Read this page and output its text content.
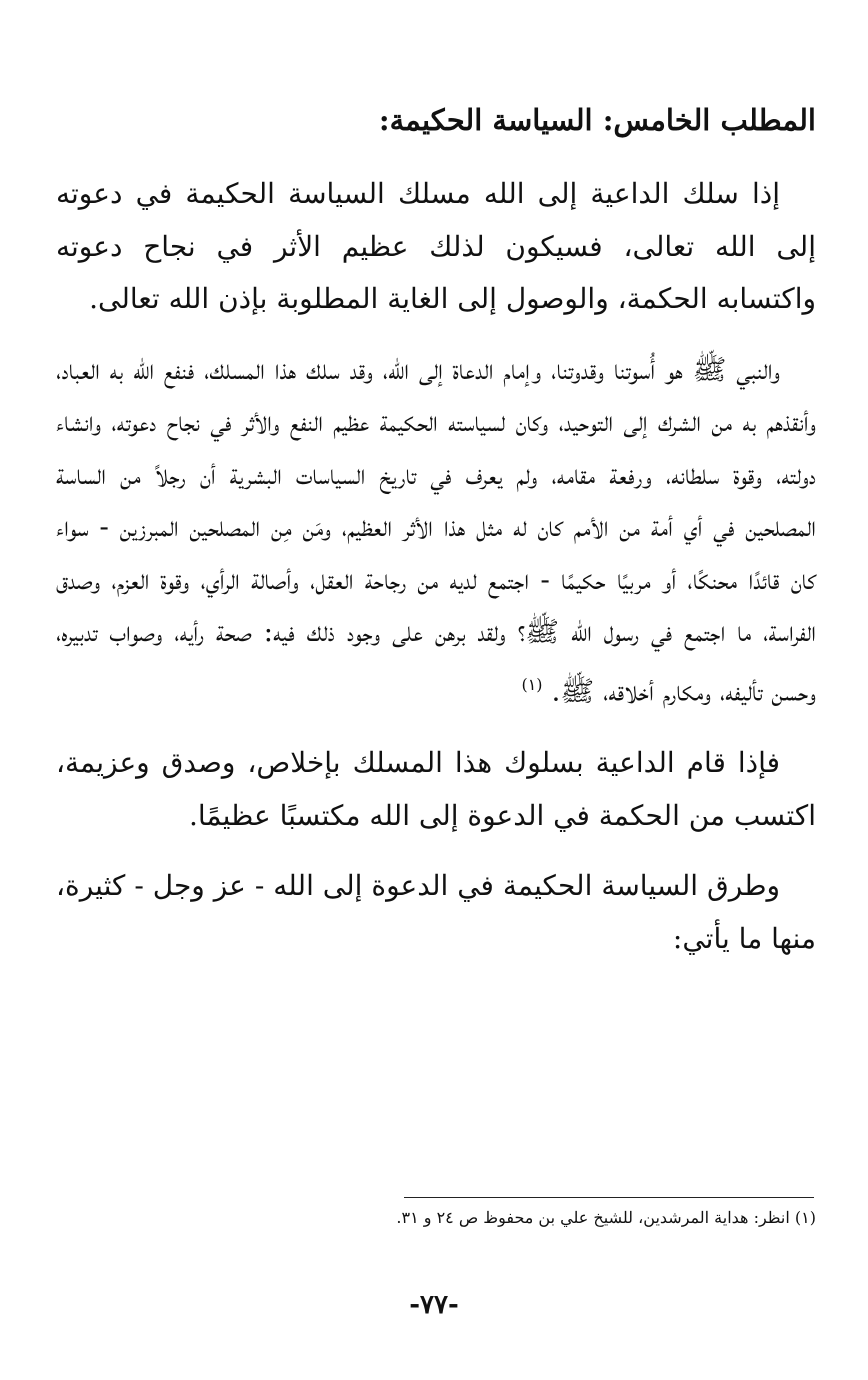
المطلب الخامس: السياسة الحكيمة:

إذا سلك الداعية إلى الله مسلك السياسة الحكيمة في دعوته إلى الله تعالى، فسيكون لذلك عظيم الأثر في نجاح دعوته واكتسابه الحكمة، والوصول إلى الغاية المطلوبة بإذن الله تعالى.

والنبي ﷺ هو أُسوتنا وقدوتنا، وإمام الدعاة إلى الله، وقد سلك هذا المسلك، فنفع الله به العباد، وأنقذهم به من الشرك إلى التوحيد، وكان لسياسته الحكيمة عظيم النفع والأثر في نجاح دعوته، وانشاء دولته، وقوة سلطانه، ورفعة مقامه، ولم يعرف في تاريخ السياسات البشرية أن رجلاً من الساسة المصلحين في أي أمة من الأمم كان له مثل هذا الأثر العظيم، ومَن مِن المصلحين المبرزين - سواء كان قائدًا محنكًا، أو مربيًا حكيمًا - اجتمع لديه من رجاحة العقل، وأصالة الرأي، وقوة العزم، وصدق الفراسة، ما اجتمع في رسول الله ﷺ؟ ولقد برهن على وجود ذلك فيه: صحة رأيه، وصواب تدبيره، وحسن تأليفه، ومكارم أخلاقه، ﷺ. $^{(١)}$

فإذا قام الداعية بسلوك هذا المسلك بإخلاص، وصدق وعزيمة، اكتسب من الحكمة في الدعوة إلى الله مكتسبًا عظيمًا.

وطرق السياسة الحكيمة في الدعوة إلى الله - عز وجل - كثيرة، منها ما يأتي:

(١) انظر: هداية المرشدين، للشيخ علي بن محفوظ ص ٢٤ و ٣١.
-٧٧-
